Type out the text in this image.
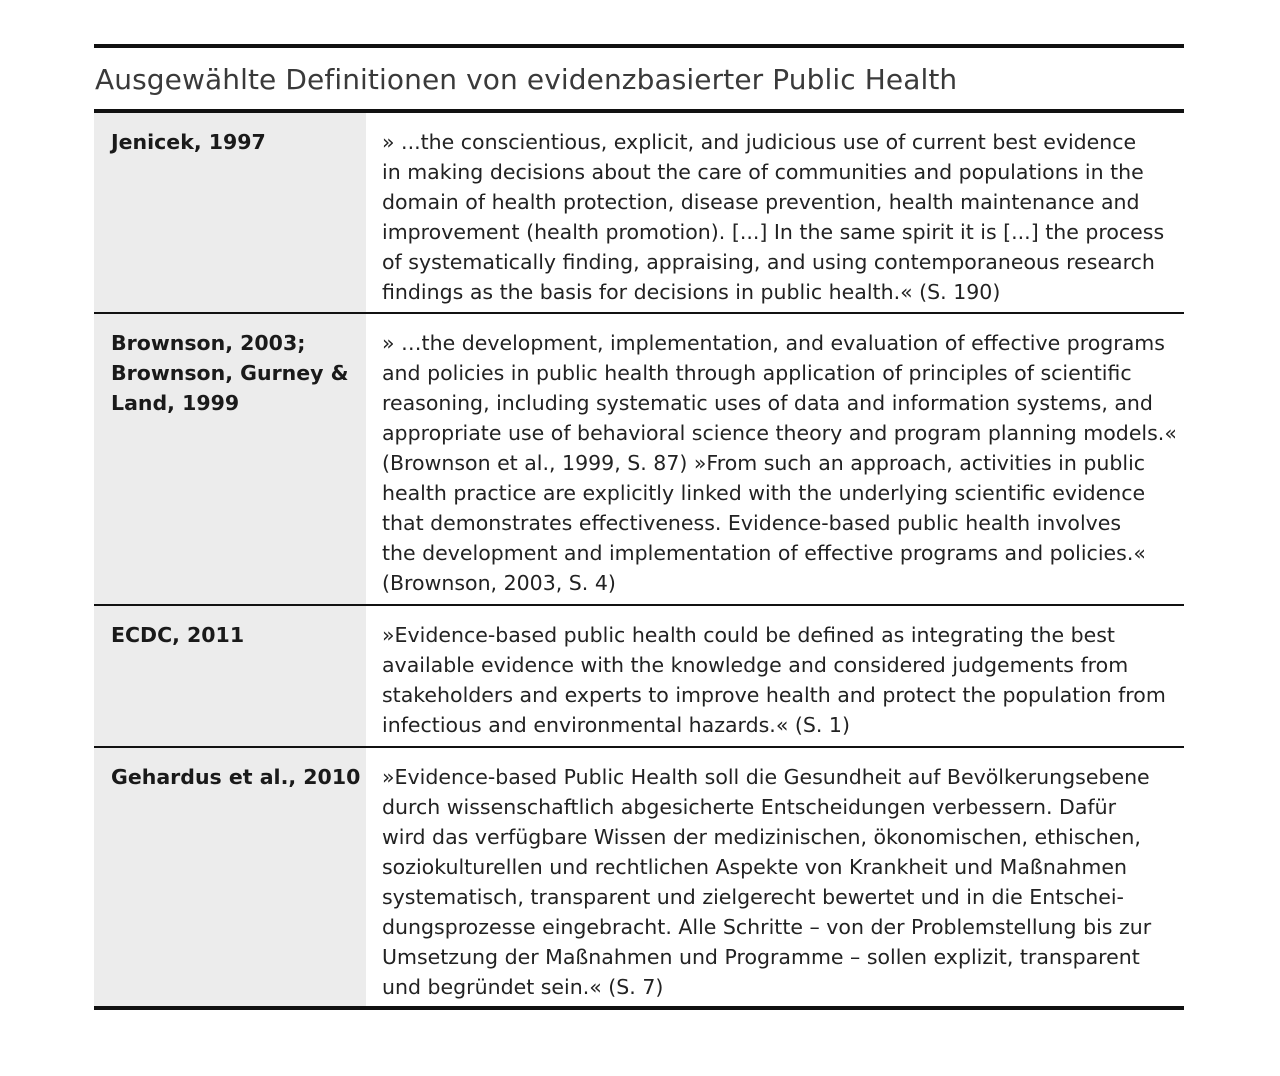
Ausgewählte Definitionen von evidenzbasierter Public Health
Jenicek, 1997	» ...the conscientious, explicit, and judicious use of current best evidence
in making decisions about the care of communities and populations in the
domain of health protection, disease prevention, health maintenance and
improvement (health promotion). [...] In the same spirit it is [...] the process
of systematically finding, appraising, and using contemporaneous research
findings as the basis for decisions in public health.« (S. 190)
Brownson, 2003;
Brownson, Gurney &
Land, 1999
» …the development, implementation, and evaluation of effective programs
and policies in public health through application of principles of scientific
reasoning, including systematic uses of data and information systems, and
appropriate use of behavioral science theory and program planning models.«
(Brownson et al., 1999, S. 87) »From such an approach, activities in public
health practice are explicitly linked with the underlying scientific evidence
that demonstrates effectiveness. Evidence-based public health involves
the development and implementation of effective programs and policies.«
(Brownson, 2003, S. 4)
ECDC, 2011	»Evidence-based public health could be defined as integrating the best
available evidence with the knowledge and considered judgements from
stakeholders and experts to improve health and protect the population from
infectious and environmental hazards.« (S. 1)
Gehardus et al., 2010 »Evidence-based Public Health soll die Gesundheit auf Bevölkerungsebene
durch wissenschaftlich abgesicherte Entscheidungen verbessern. Dafür
wird das verfügbare Wissen der medizinischen, ökonomischen, ethischen,
soziokulturellen und rechtlichen Aspekte von Krankheit und Maßnahmen
systematisch, transparent und zielgerecht bewertet und in die Entschei-
dungsprozesse eingebracht. Alle Schritte – von der Problemstellung bis zur
Umsetzung der Maßnahmen und Programme – sollen explizit, transparent
und begründet sein.« (S. 7)
